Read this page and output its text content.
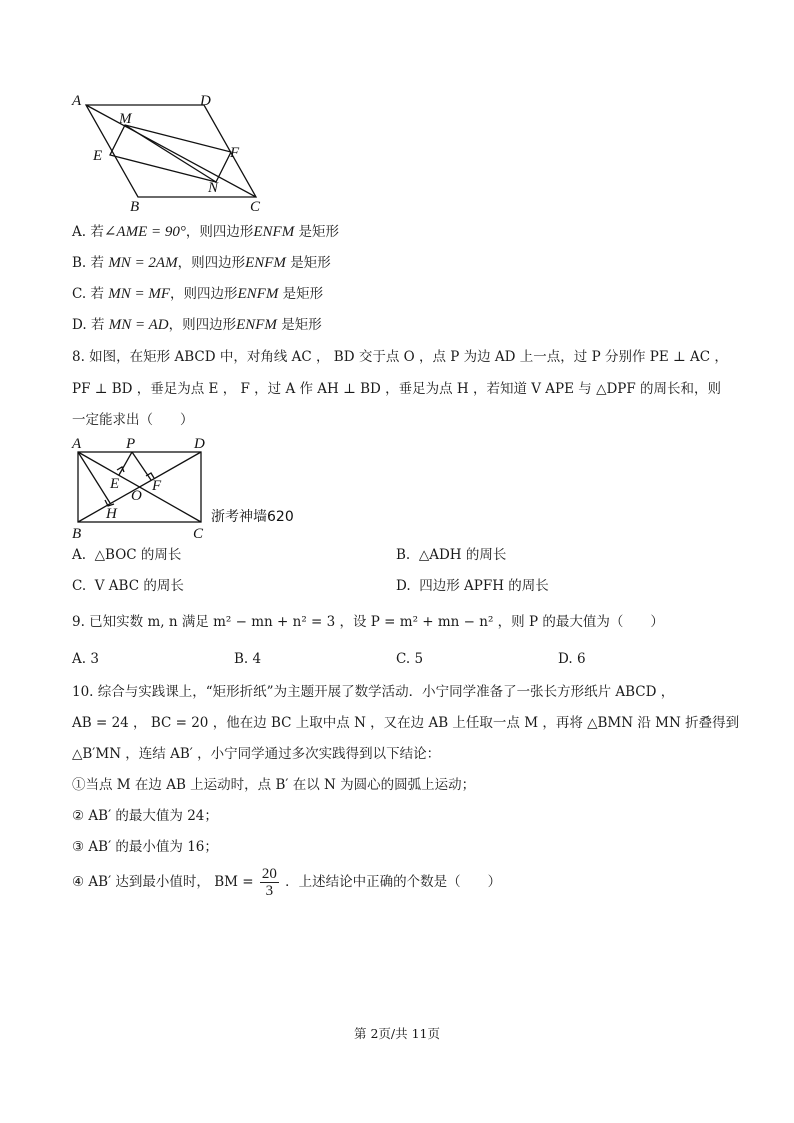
A	D
M
E	F
N
B	C
A. 若∠AME = 90°，则四边形ENFM 是矩形
B. 若 MN = 2AM，则四边形ENFM 是矩形
C. 若 MN = MF，则四边形ENFM 是矩形
D. 若 MN = AD，则四边形ENFM 是矩形
8. 如图，在矩形 ABCD 中，对角线 AC ， BD 交于点 O ，点 P 为边 AD 上一点，过 P 分别作 PE ⊥ AC ，
PF ⊥ BD ，垂足为点 E ， F ，过 A 作 AH ⊥ BD ，垂足为点 H ，若知道 V APE 与 △DPF 的周长和，则
一定能求出（　　）
A	P	D
E F
O
H
B	C
浙考神墙620
A. △BOC 的周长	B. △ADH 的周长
C. V ABC 的周长	D. 四边形 APFH 的周长
9. 已知实数 m, n 满足 m² − mn + n² = 3 ，设 P = m² + mn − n² ，则 P 的最大值为（　　）
A. 3	B. 4	C. 5	D. 6
10. 综合与实践课上，“矩形折纸”为主题开展了数学活动．小宁同学准备了一张长方形纸片 ABCD ，
AB = 24 ， BC = 20 ，他在边 BC 上取中点 N ，又在边 AB 上任取一点 M ，再将 △BMN 沿 MN 折叠得到
△B′MN ，连结 AB′ ，小宁同学通过多次实践得到以下结论：
①当点 M 在边 AB 上运动时，点 B′ 在以 N 为圆心的圆弧上运动；
② AB′ 的最大值为 24；
③ AB′ 的最小值为 16；
④ AB′ 达到最小值时， BM = $\frac{20}{3}$ ．上述结论中正确的个数是（　　）
第 2页/共 11页
